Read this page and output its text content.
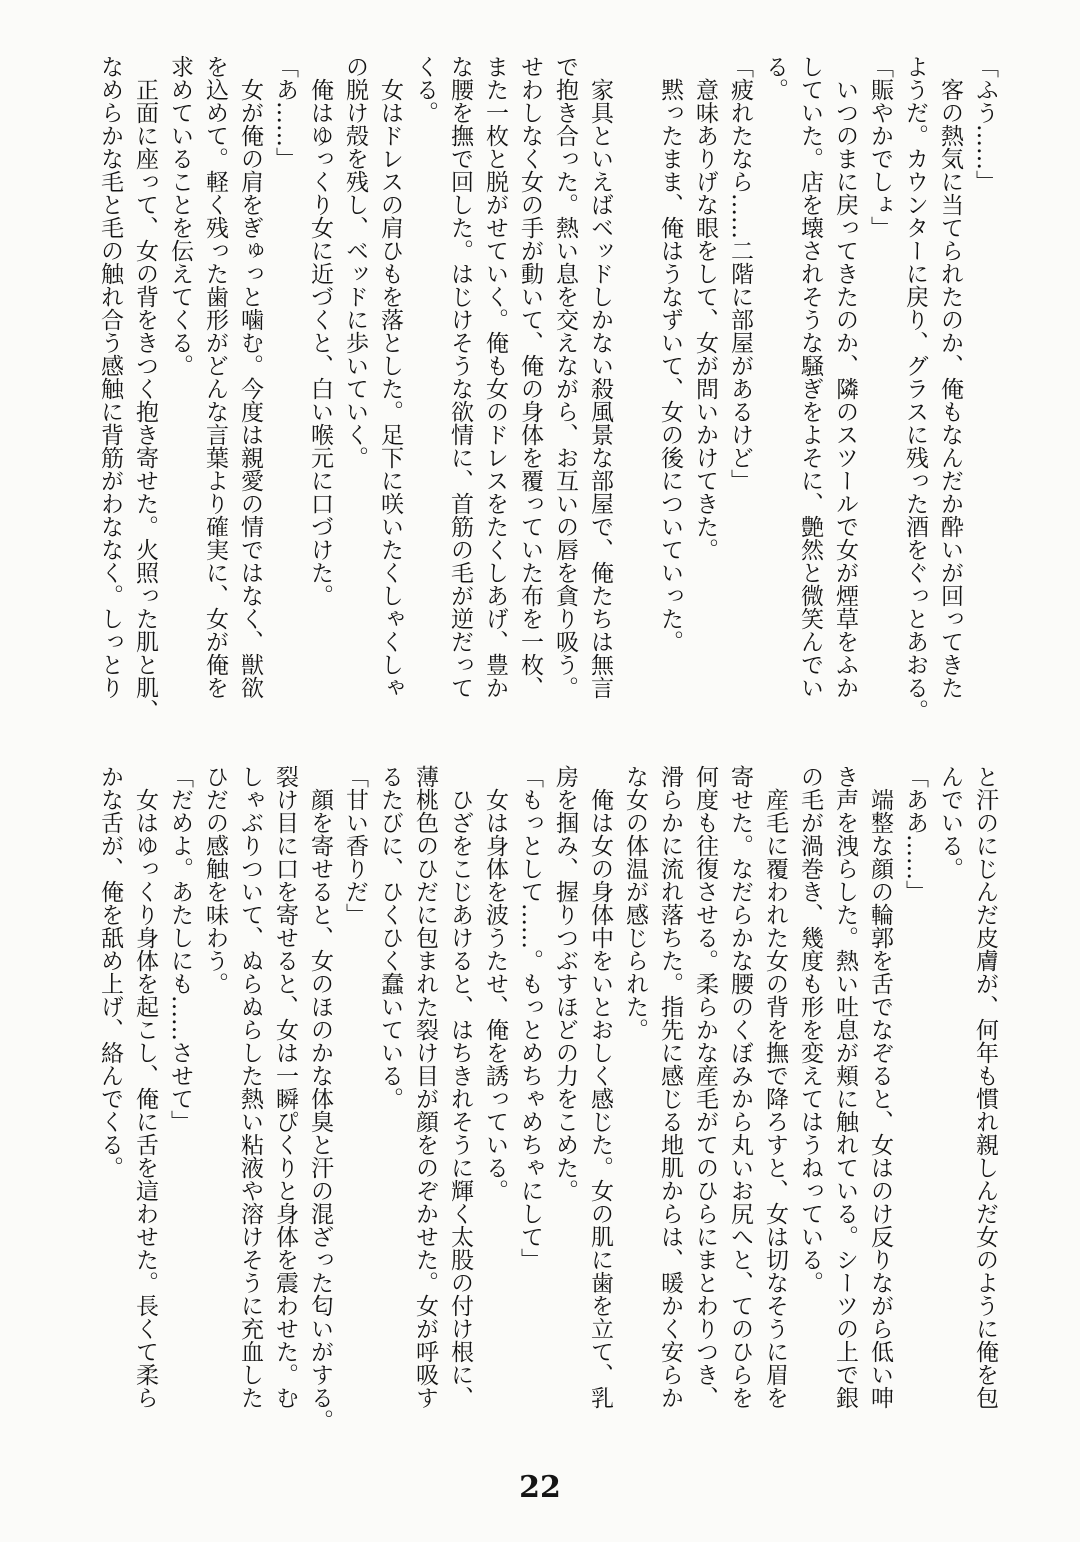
「ふう……」
　客の熱気に当てられたのか、俺もなんだか酔いが回ってきた
ようだ。カウンターに戻り、グラスに残った酒をぐっとあおる。
「賑やかでしょ」
　いつのまに戻ってきたのか、隣のスツールで女が煙草をふか
していた。店を壊されそうな騒ぎをよそに、艶然と微笑んでい
る。
「疲れたなら……二階に部屋があるけど」
　意味ありげな眼をして、女が問いかけてきた。
　黙ったまま、俺はうなずいて、女の後についていった。
　家具といえばベッドしかない殺風景な部屋で、俺たちは無言
で抱き合った。熱い息を交えながら、お互いの唇を貪り吸う。
せわしなく女の手が動いて、俺の身体を覆っていた布を一枚、
また一枚と脱がせていく。俺も女のドレスをたくしあげ、豊か
な腰を撫で回した。はじけそうな欲情に、首筋の毛が逆だって
くる。
　女はドレスの肩ひもを落とした。足下に咲いたくしゃくしゃ
の脱け殻を残し、ベッドに歩いていく。
　俺はゆっくり女に近づくと、白い喉元に口づけた。
「あ……」
　女が俺の肩をぎゅっと噛む。今度は親愛の情ではなく、獣欲
を込めて。軽く残った歯形がどんな言葉より確実に、女が俺を
求めていることを伝えてくる。
　正面に座って、女の背をきつく抱き寄せた。火照った肌と肌、
なめらかな毛と毛の触れ合う感触に背筋がわななく。しっとり
と汗のにじんだ皮膚が、何年も慣れ親しんだ女のように俺を包
んでいる。
「ああ……」
　端整な顔の輪郭を舌でなぞると、女はのけ反りながら低い呻
き声を洩らした。熱い吐息が頬に触れている。シーツの上で銀
の毛が渦巻き、幾度も形を変えてはうねっている。
　産毛に覆われた女の背を撫で降ろすと、女は切なそうに眉を
寄せた。なだらかな腰のくぼみから丸いお尻へと、てのひらを
何度も往復させる。柔らかな産毛がてのひらにまとわりつき、
滑らかに流れ落ちた。指先に感じる地肌からは、暖かく安らか
な女の体温が感じられた。
　俺は女の身体中をいとおしく感じた。女の肌に歯を立て、乳
房を掴み、握りつぶすほどの力をこめた。
「もっとして……。もっとめちゃめちゃにして」
　女は身体を波うたせ、俺を誘っている。
　ひざをこじあけると、はちきれそうに輝く太股の付け根に、
薄桃色のひだに包まれた裂け目が顔をのぞかせた。女が呼吸す
るたびに、ひくひく蠢いている。
「甘い香りだ」
　顔を寄せると、女のほのかな体臭と汗の混ざった匂いがする。
裂け目に口を寄せると、女は一瞬ぴくりと身体を震わせた。む
しゃぶりついて、ぬらぬらした熱い粘液や溶けそうに充血した
ひだの感触を味わう。
「だめよ。あたしにも……させて」
　女はゆっくり身体を起こし、俺に舌を這わせた。長くて柔ら
かな舌が、俺を舐め上げ、絡んでくる。
22
